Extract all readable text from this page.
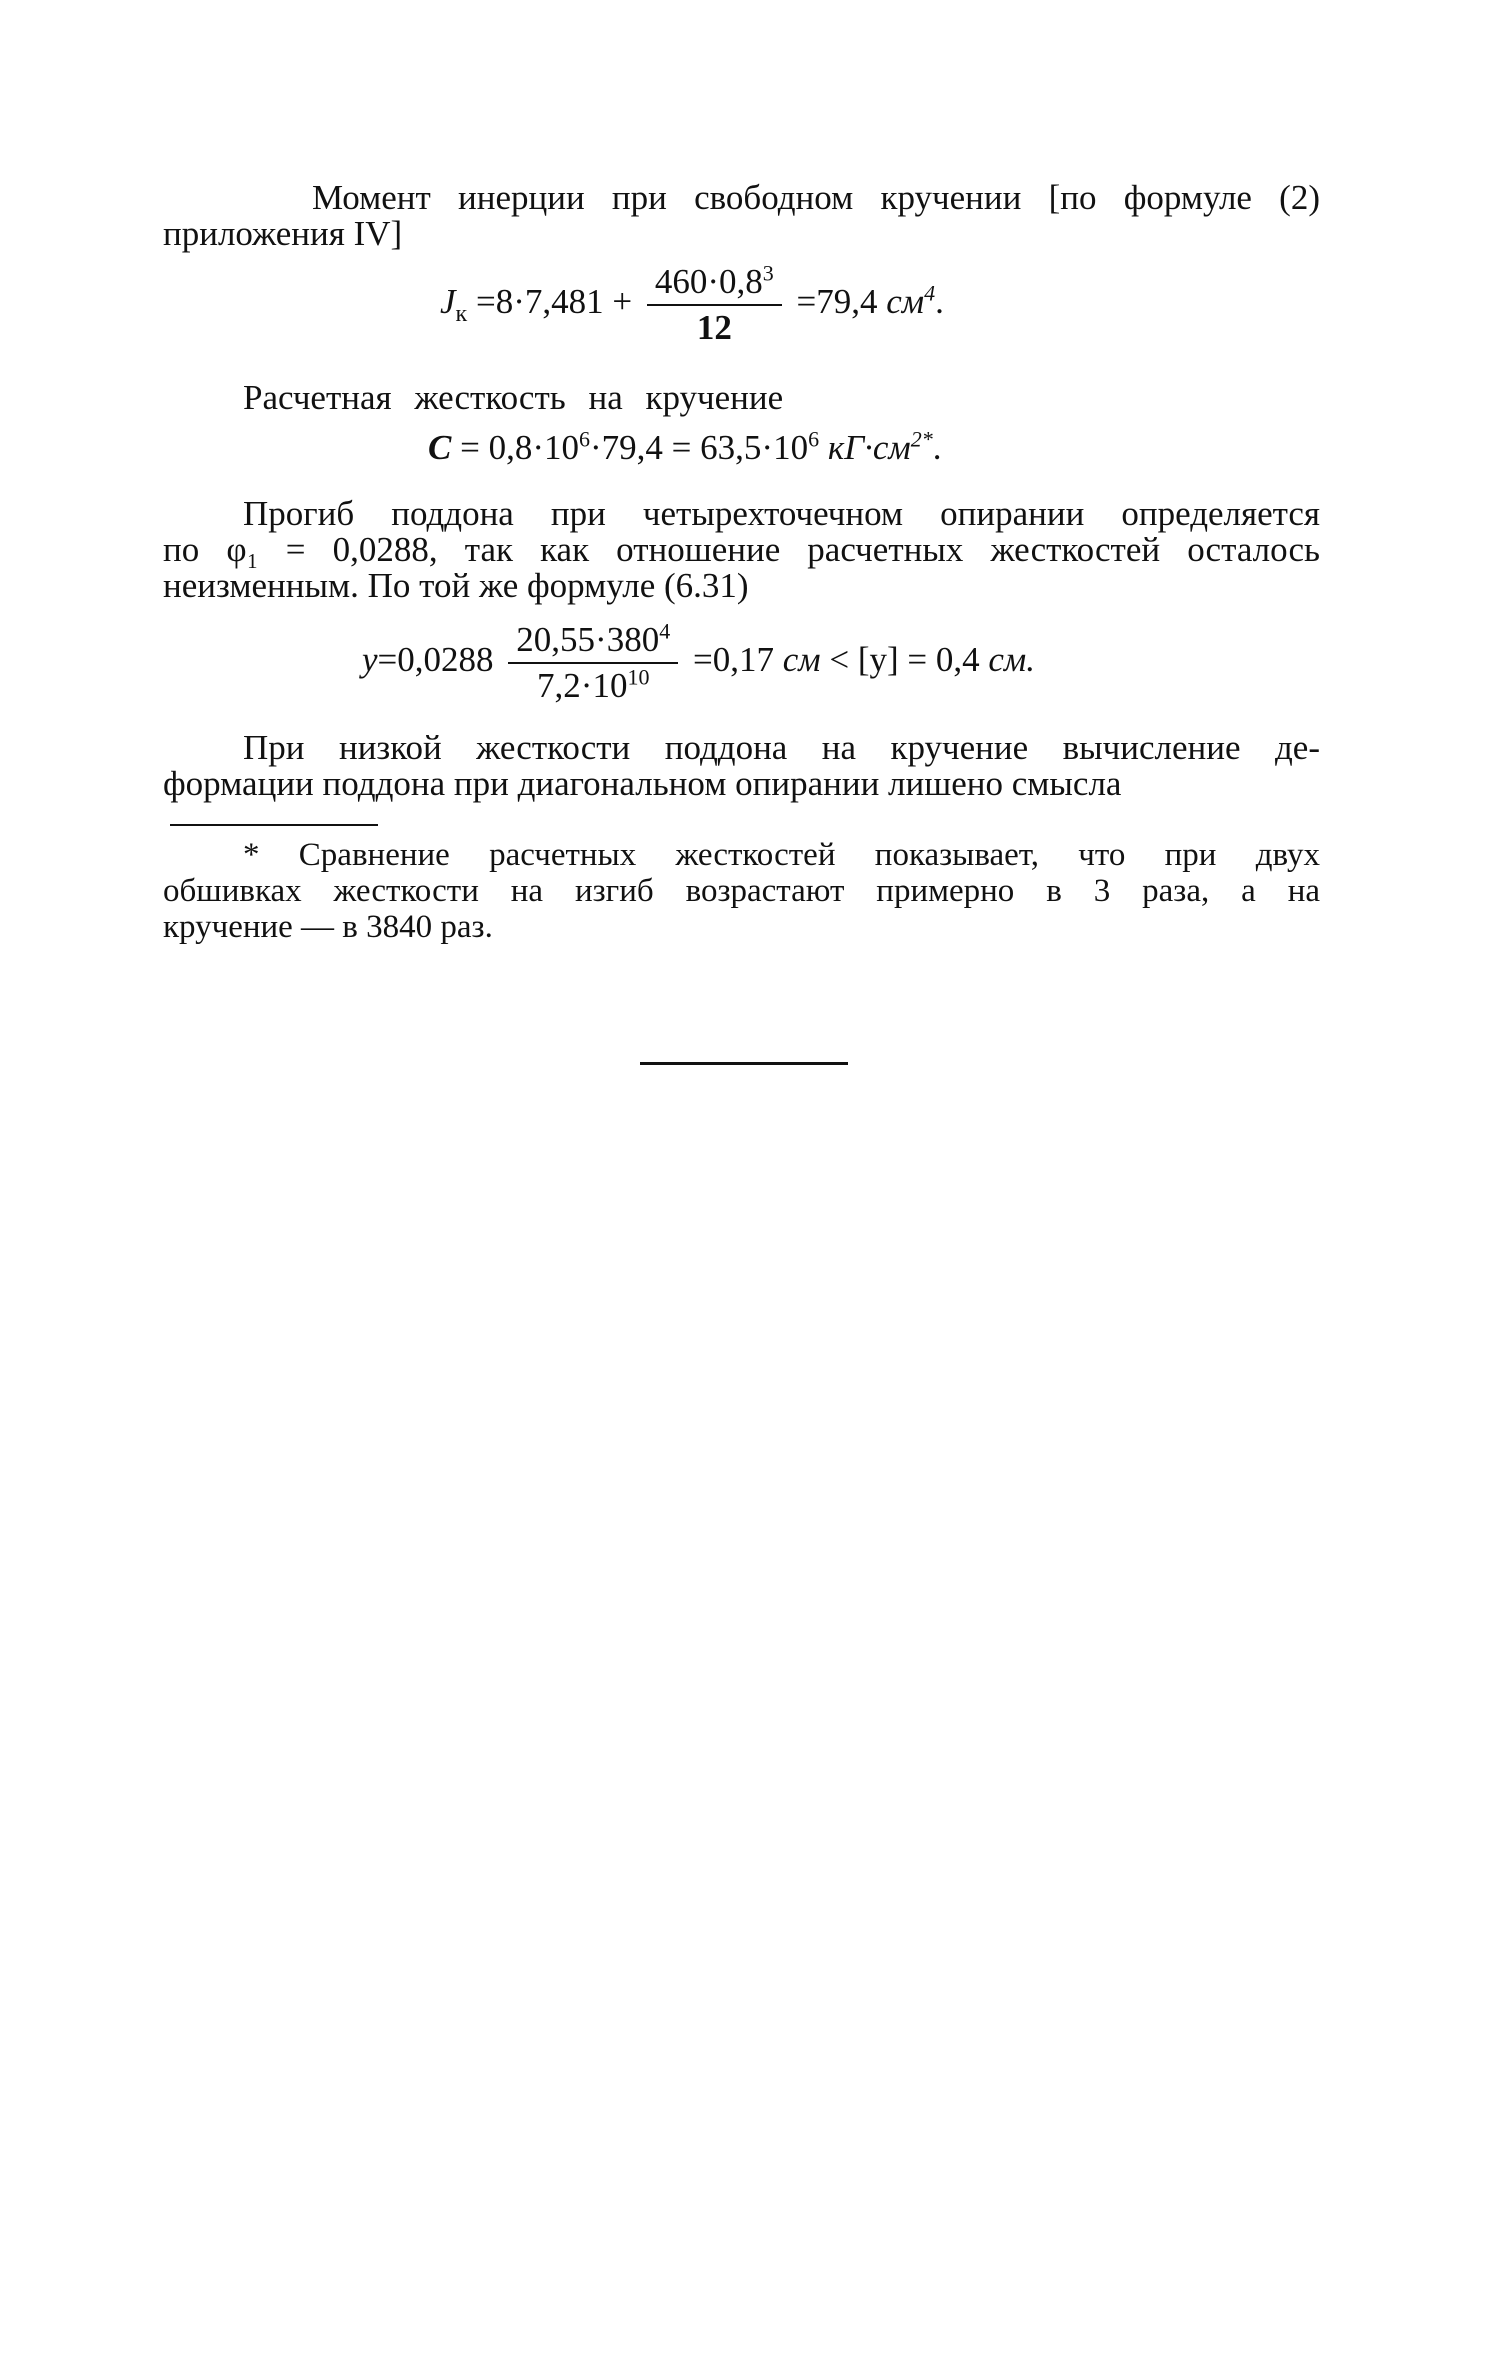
Момент инерции при свободном кручении [по формуле (2)
приложения IV]
$J_к =8\cdot 7,481 + \frac{460\cdot 0,8^3}{12} =79,4$ $см^4$.
Расчетная жесткость на кручение
$C = 0,8\cdot 10^6\cdot 79,4 = 63,5\cdot 10^6$ $кГ\cdot см^{2*}$.
Прогиб поддона при четырехточечном опирании определяется
по φ₁ = 0,0288, так как отношение расчетных жесткостей осталось
неизменным. По той же формуле (6.31)
$y=0,0288 \frac{20,55\cdot 380^4}{7,2\cdot 10^{10}} =0,17$ см < [y] = 0,4 см.
При низкой жесткости поддона на кручение вычисление де-
формации поддона при диагональном опирании лишено смысла
* Сравнение расчетных жесткостей показывает, что при двух
обшивках жесткости на изгиб возрастают примерно в 3 раза, а на
кручение — в 3840 раз.
